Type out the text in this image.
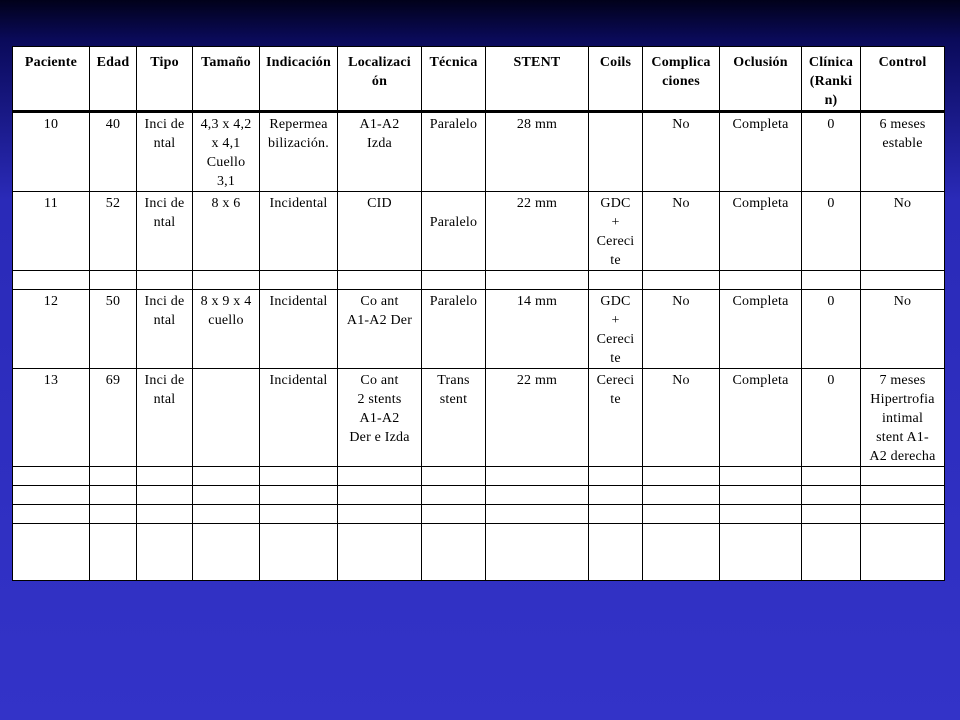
Paciente	Edad	Tipo	Tamaño	Indicación	Localizaci
ón	Técnica	STENT	Coils	Complica
ciones	Oclusión	Clínica
(Ranki
n)	Control
10	40	Inci de
ntal	4,3 x 4,2
x 4,1
Cuello
3,1	Repermea
bilización.	A1-A2
Izda	Paralelo	28 mm		No	Completa	0	6 meses
estable
11	52	Inci de
ntal	8 x 6	Incidental	CID	
Paralelo	22 mm	GDC
+
Cereci
te	No	Completa	0	No

12	50	Inci de
ntal	8 x 9 x 4
cuello	Incidental	Co ant
A1-A2 Der	Paralelo	14 mm	GDC
+
Cereci
te	No	Completa	0	No
13	69	Inci de
ntal		Incidental	Co ant
2 stents
A1-A2
Der e Izda	Trans
stent	22 mm	Cereci
te	No	Completa	0	7 meses
Hipertrofia
intimal
stent A1-
A2 derecha
